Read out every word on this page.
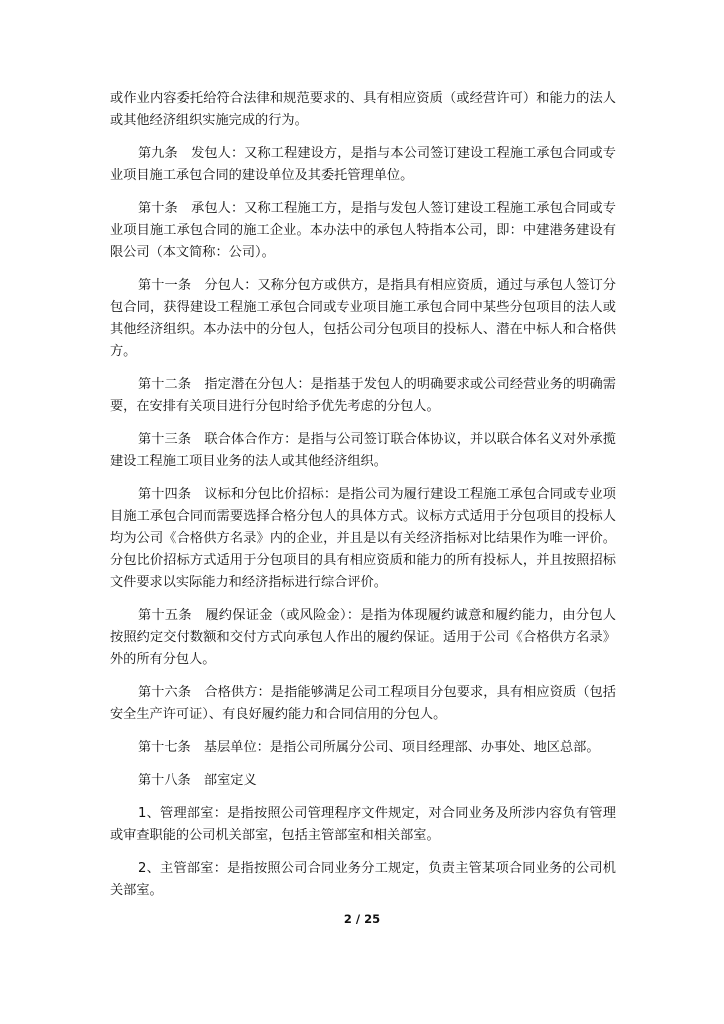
或作业内容委托给符合法律和规范要求的、具有相应资质（或经营许可）和能力的法人或其他经济组织实施完成的行为。

第九条　发包人：又称工程建设方，是指与本公司签订建设工程施工承包合同或专业项目施工承包合同的建设单位及其委托管理单位。

第十条　承包人：又称工程施工方，是指与发包人签订建设工程施工承包合同或专业项目施工承包合同的施工企业。本办法中的承包人特指本公司，即：中建港务建设有限公司（本文简称：公司）。

第十一条　分包人：又称分包方或供方，是指具有相应资质，通过与承包人签订分包合同，获得建设工程施工承包合同或专业项目施工承包合同中某些分包项目的法人或其他经济组织。本办法中的分包人，包括公司分包项目的投标人、潜在中标人和合格供方。

第十二条　指定潜在分包人：是指基于发包人的明确要求或公司经营业务的明确需要，在安排有关项目进行分包时给予优先考虑的分包人。

第十三条　联合体合作方：是指与公司签订联合体协议，并以联合体名义对外承揽建设工程施工项目业务的法人或其他经济组织。

第十四条　议标和分包比价招标：是指公司为履行建设工程施工承包合同或专业项目施工承包合同而需要选择合格分包人的具体方式。议标方式适用于分包项目的投标人均为公司《合格供方名录》内的企业，并且是以有关经济指标对比结果作为唯一评价。分包比价招标方式适用于分包项目的具有相应资质和能力的所有投标人，并且按照招标文件要求以实际能力和经济指标进行综合评价。

第十五条　履约保证金（或风险金）：是指为体现履约诚意和履约能力，由分包人按照约定交付数额和交付方式向承包人作出的履约保证。适用于公司《合格供方名录》外的所有分包人。

第十六条　合格供方：是指能够满足公司工程项目分包要求，具有相应资质（包括安全生产许可证）、有良好履约能力和合同信用的分包人。

第十七条　基层单位：是指公司所属分公司、项目经理部、办事处、地区总部。

第十八条　部室定义

1、管理部室：是指按照公司管理程序文件规定，对合同业务及所涉内容负有管理或审查职能的公司机关部室，包括主管部室和相关部室。

2、主管部室：是指按照公司合同业务分工规定，负责主管某项合同业务的公司机关部室。

2 / 25
